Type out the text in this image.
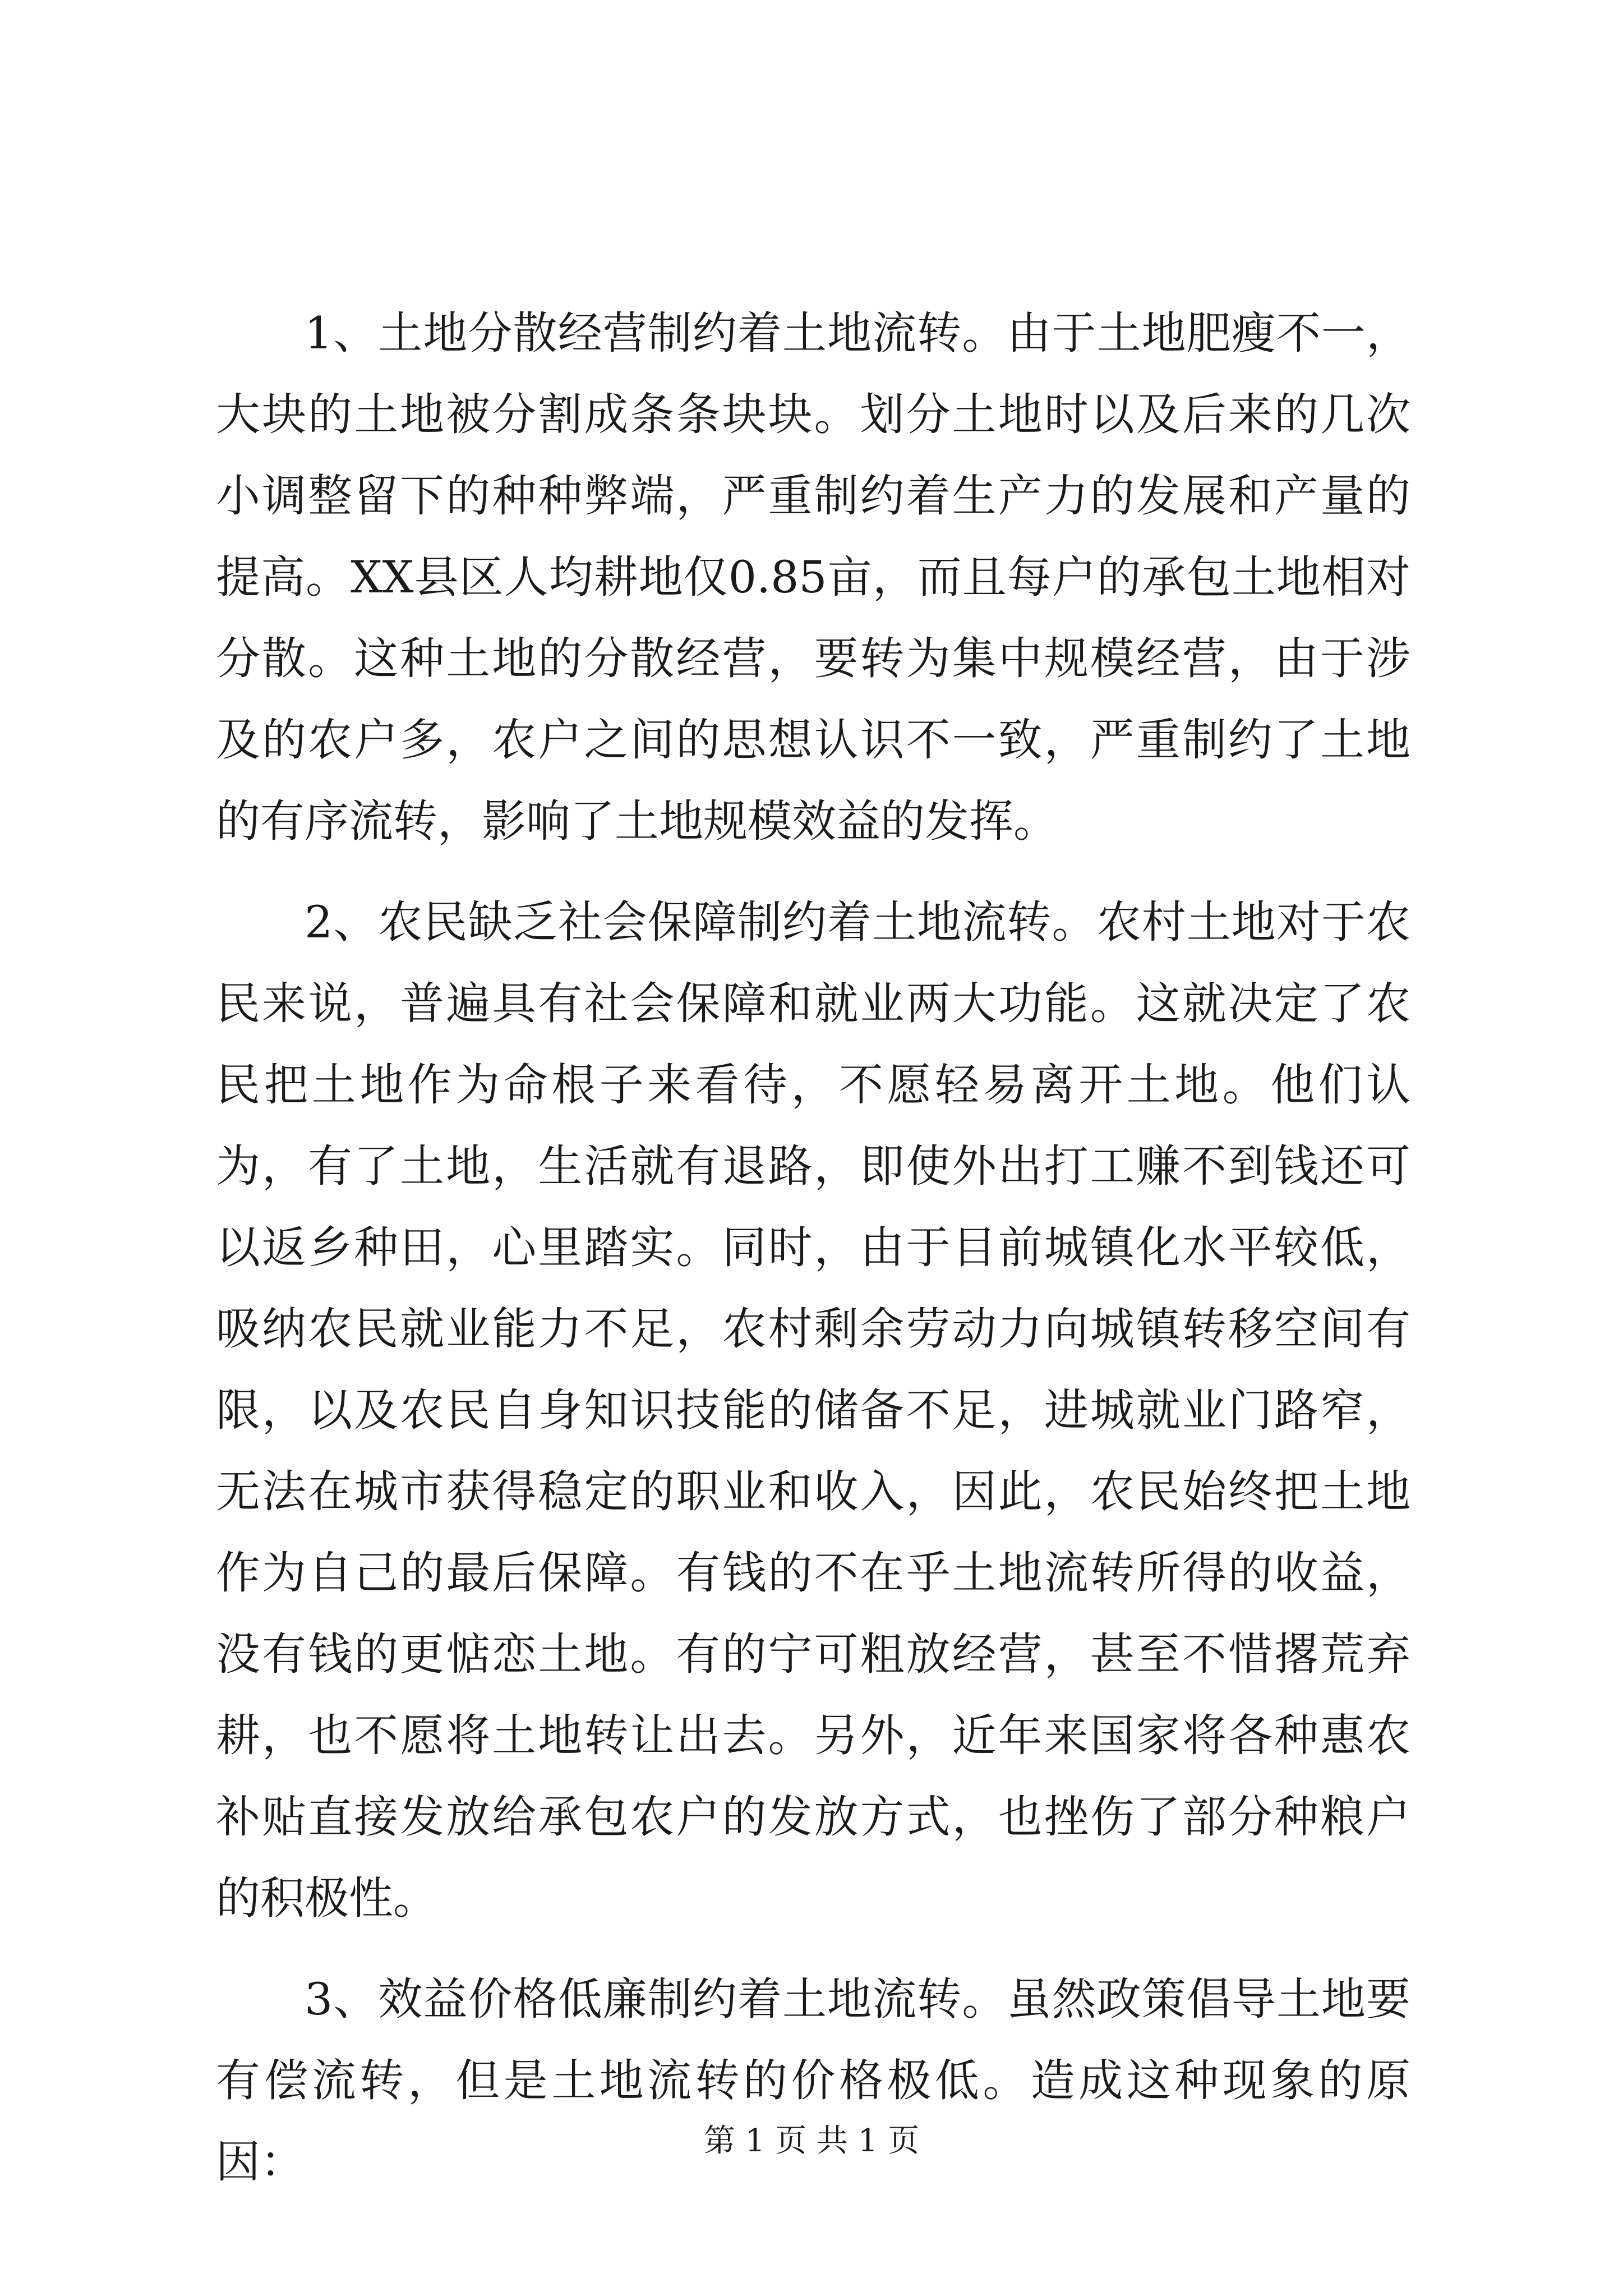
1、土地分散经营制约着土地流转。由于土地肥瘦不一，大块的土地被分割成条条块块。划分土地时以及后来的几次小调整留下的种种弊端，严重制约着生产力的发展和产量的提高。XX县区人均耕地仅0.85亩，而且每户的承包土地相对分散。这种土地的分散经营，要转为集中规模经营，由于涉及的农户多，农户之间的思想认识不一致，严重制约了土地的有序流转，影响了土地规模效益的发挥。

2、农民缺乏社会保障制约着土地流转。农村土地对于农民来说，普遍具有社会保障和就业两大功能。这就决定了农民把土地作为命根子来看待，不愿轻易离开土地。他们认为，有了土地，生活就有退路，即使外出打工赚不到钱还可以返乡种田，心里踏实。同时，由于目前城镇化水平较低，吸纳农民就业能力不足，农村剩余劳动力向城镇转移空间有限，以及农民自身知识技能的储备不足，进城就业门路窄，无法在城市获得稳定的职业和收入，因此，农民始终把土地作为自己的最后保障。有钱的不在乎土地流转所得的收益，没有钱的更惦恋土地。有的宁可粗放经营，甚至不惜撂荒弃耕，也不愿将土地转让出去。另外，近年来国家将各种惠农补贴直接发放给承包农户的发放方式，也挫伤了部分种粮户的积极性。

3、效益价格低廉制约着土地流转。虽然政策倡导土地要有偿流转，但是土地流转的价格极低。造成这种现象的原因：	第 1 页 共 1 页
